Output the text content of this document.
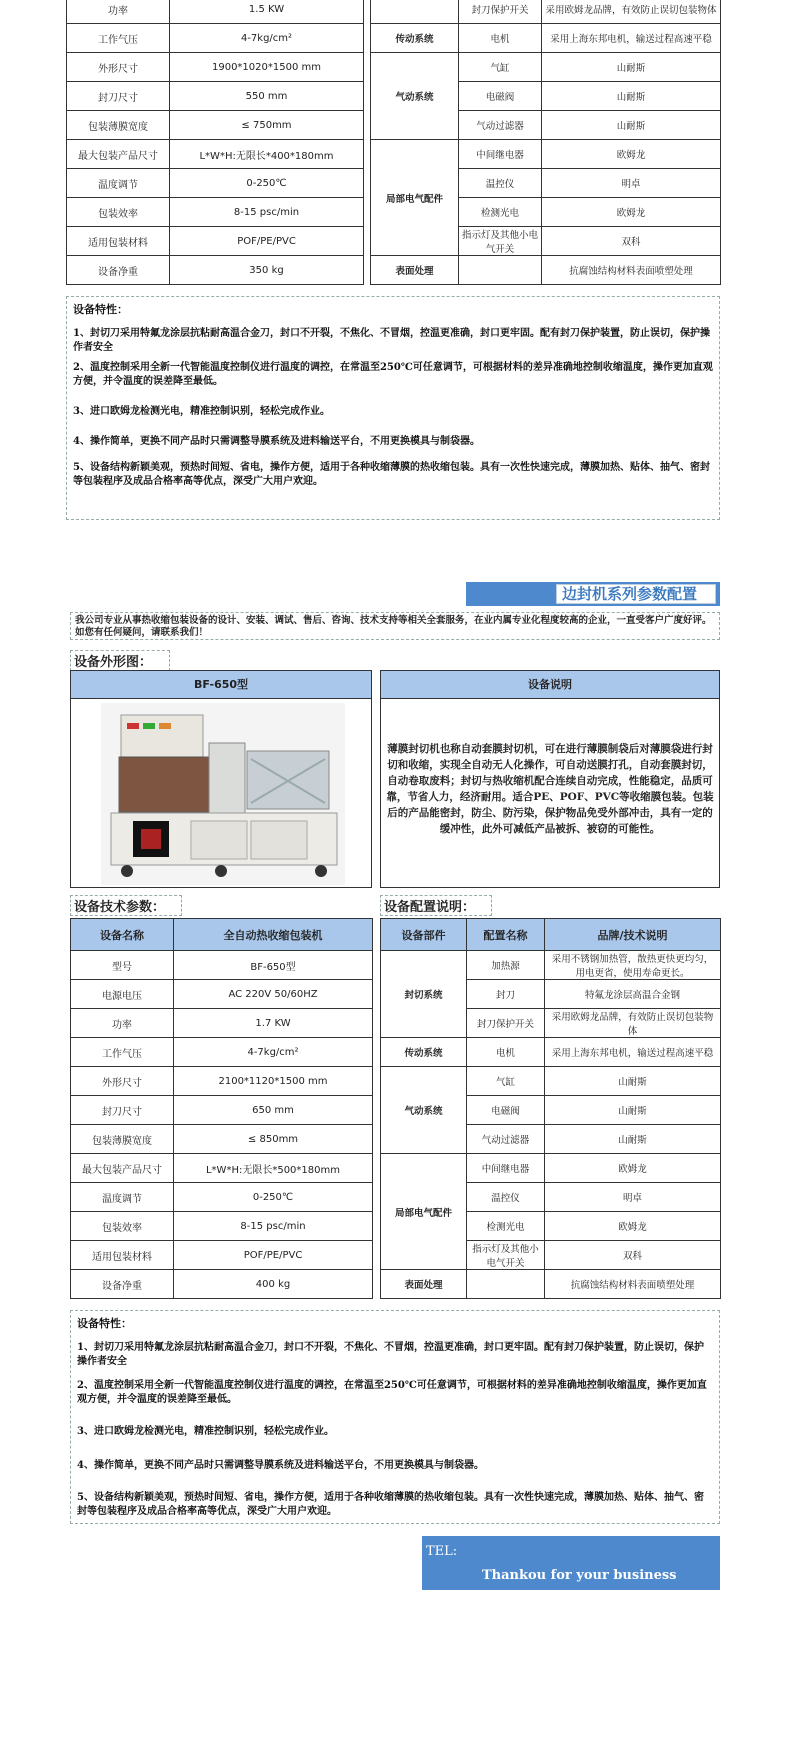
功率	1.5 KW
工作气压	4-7kg/cm²
外形尺寸	1900*1020*1500 mm
封刀尺寸	550 mm
包装薄膜宽度	≤ 750mm
最大包装产品尺寸	L*W*H:无限长*400*180mm
温度调节	0-250℃
包装效率	8-15 psc/min
适用包装材料	POF/PE/PVC
设备净重	350 kg
	封刀保护开关	采用欧姆龙品牌，有效防止误切包装物体
传动系统	电机	采用上海东邦电机，输送过程高速平稳
气动系统	气缸	山耐斯
	电磁阀	山耐斯
	气动过滤器	山耐斯
局部电气配件	中间继电器	欧姆龙
	温控仪	明卓
	检测光电	欧姆龙
	指示灯及其他小电气开关	双科
表面处理		抗腐蚀结构材料表面喷塑处理

设备特性：

1、封切刀采用特氟龙涂层抗粘耐高温合金刀，封口不开裂，不焦化、不冒烟，控温更准确，封口更牢固。配有封刀保护装置，防止误切，保护操作者安全

2、温度控制采用全新一代智能温度控制仪进行温度的调控，在常温至250℃可任意调节，可根据材料的差异准确地控制收缩温度，操作更加直观方便，并令温度的误差降至最低。

3、进口欧姆龙检测光电，精准控制识别，轻松完成作业。

4、操作简单，更换不同产品时只需调整导膜系统及进料输送平台，不用更换模具与制袋器。

5、设备结构新颖美观，预热时间短、省电，操作方便，适用于各种收缩薄膜的热收缩包装。具有一次性快速完成，薄膜加热、贴体、抽气、密封等包装程序及成品合格率高等优点，深受广大用户欢迎。

边封机系列参数配置
我公司专业从事热收缩包装设备的设计、安装、调试、售后、咨询、技术支持等相关全套服务，在业内属专业化程度较高的企业，一直受客户广度好评。如您有任何疑问，请联系我们！
设备外形图：
BF-650型	设备说明
薄膜封切机也称自动套膜封切机，可在进行薄膜制袋后对薄膜袋进行封切和收缩，实现全自动无人化操作，可自动送膜打孔，自动套膜封切，自动卷取废料；封切与热收缩机配合连续自动完成，性能稳定，品质可靠，节省人力，经济耐用。适合PE、POF、PVC等收缩膜包装。包装后的产品能密封，防尘、防污染，保护物品免受外部冲击，具有一定的缓冲性，此外可减低产品被拆、被窃的可能性。
设备技术参数：	设备配置说明：
设备名称	全自动热收缩包装机
型号	BF-650型
电源电压	AC 220V 50/60HZ
功率	1.7 KW
工作气压	4-7kg/cm²
外形尺寸	2100*1120*1500 mm
封刀尺寸	650 mm
包装薄膜宽度	≤ 850mm
最大包装产品尺寸	L*W*H:无限长*500*180mm
温度调节	0-250℃
包装效率	8-15 psc/min
适用包装材料	POF/PE/PVC
设备净重	400 kg
设备部件	配置名称	品牌/技术说明
封切系统	加热源	采用不锈钢加热管，散热更快更均匀，用电更省，使用寿命更长。
	封刀	特氟龙涂层高温合金钢
	封刀保护开关	采用欧姆龙品牌，有效防止误切包装物体
传动系统	电机	采用上海东邦电机，输送过程高速平稳
气动系统	气缸	山耐斯
	电磁阀	山耐斯
	气动过滤器	山耐斯
局部电气配件	中间继电器	欧姆龙
	温控仪	明卓
	检测光电	欧姆龙
	指示灯及其他小电气开关	双科
表面处理		抗腐蚀结构材料表面喷塑处理

设备特性：

1、封切刀采用特氟龙涂层抗粘耐高温合金刀，封口不开裂，不焦化、不冒烟，控温更准确，封口更牢固。配有封刀保护装置，防止误切，保护操作者安全

2、温度控制采用全新一代智能温度控制仪进行温度的调控，在常温至250℃可任意调节，可根据材料的差异准确地控制收缩温度，操作更加直观方便，并令温度的误差降至最低。

3、进口欧姆龙检测光电，精准控制识别，轻松完成作业。

4、操作简单，更换不同产品时只需调整导膜系统及进料输送平台，不用更换模具与制袋器。

5、设备结构新颖美观，预热时间短、省电，操作方便，适用于各种收缩薄膜的热收缩包装。具有一次性快速完成，薄膜加热、贴体、抽气、密封等包装程序及成品合格率高等优点，深受广大用户欢迎。

TEL:
Thankou for your business
